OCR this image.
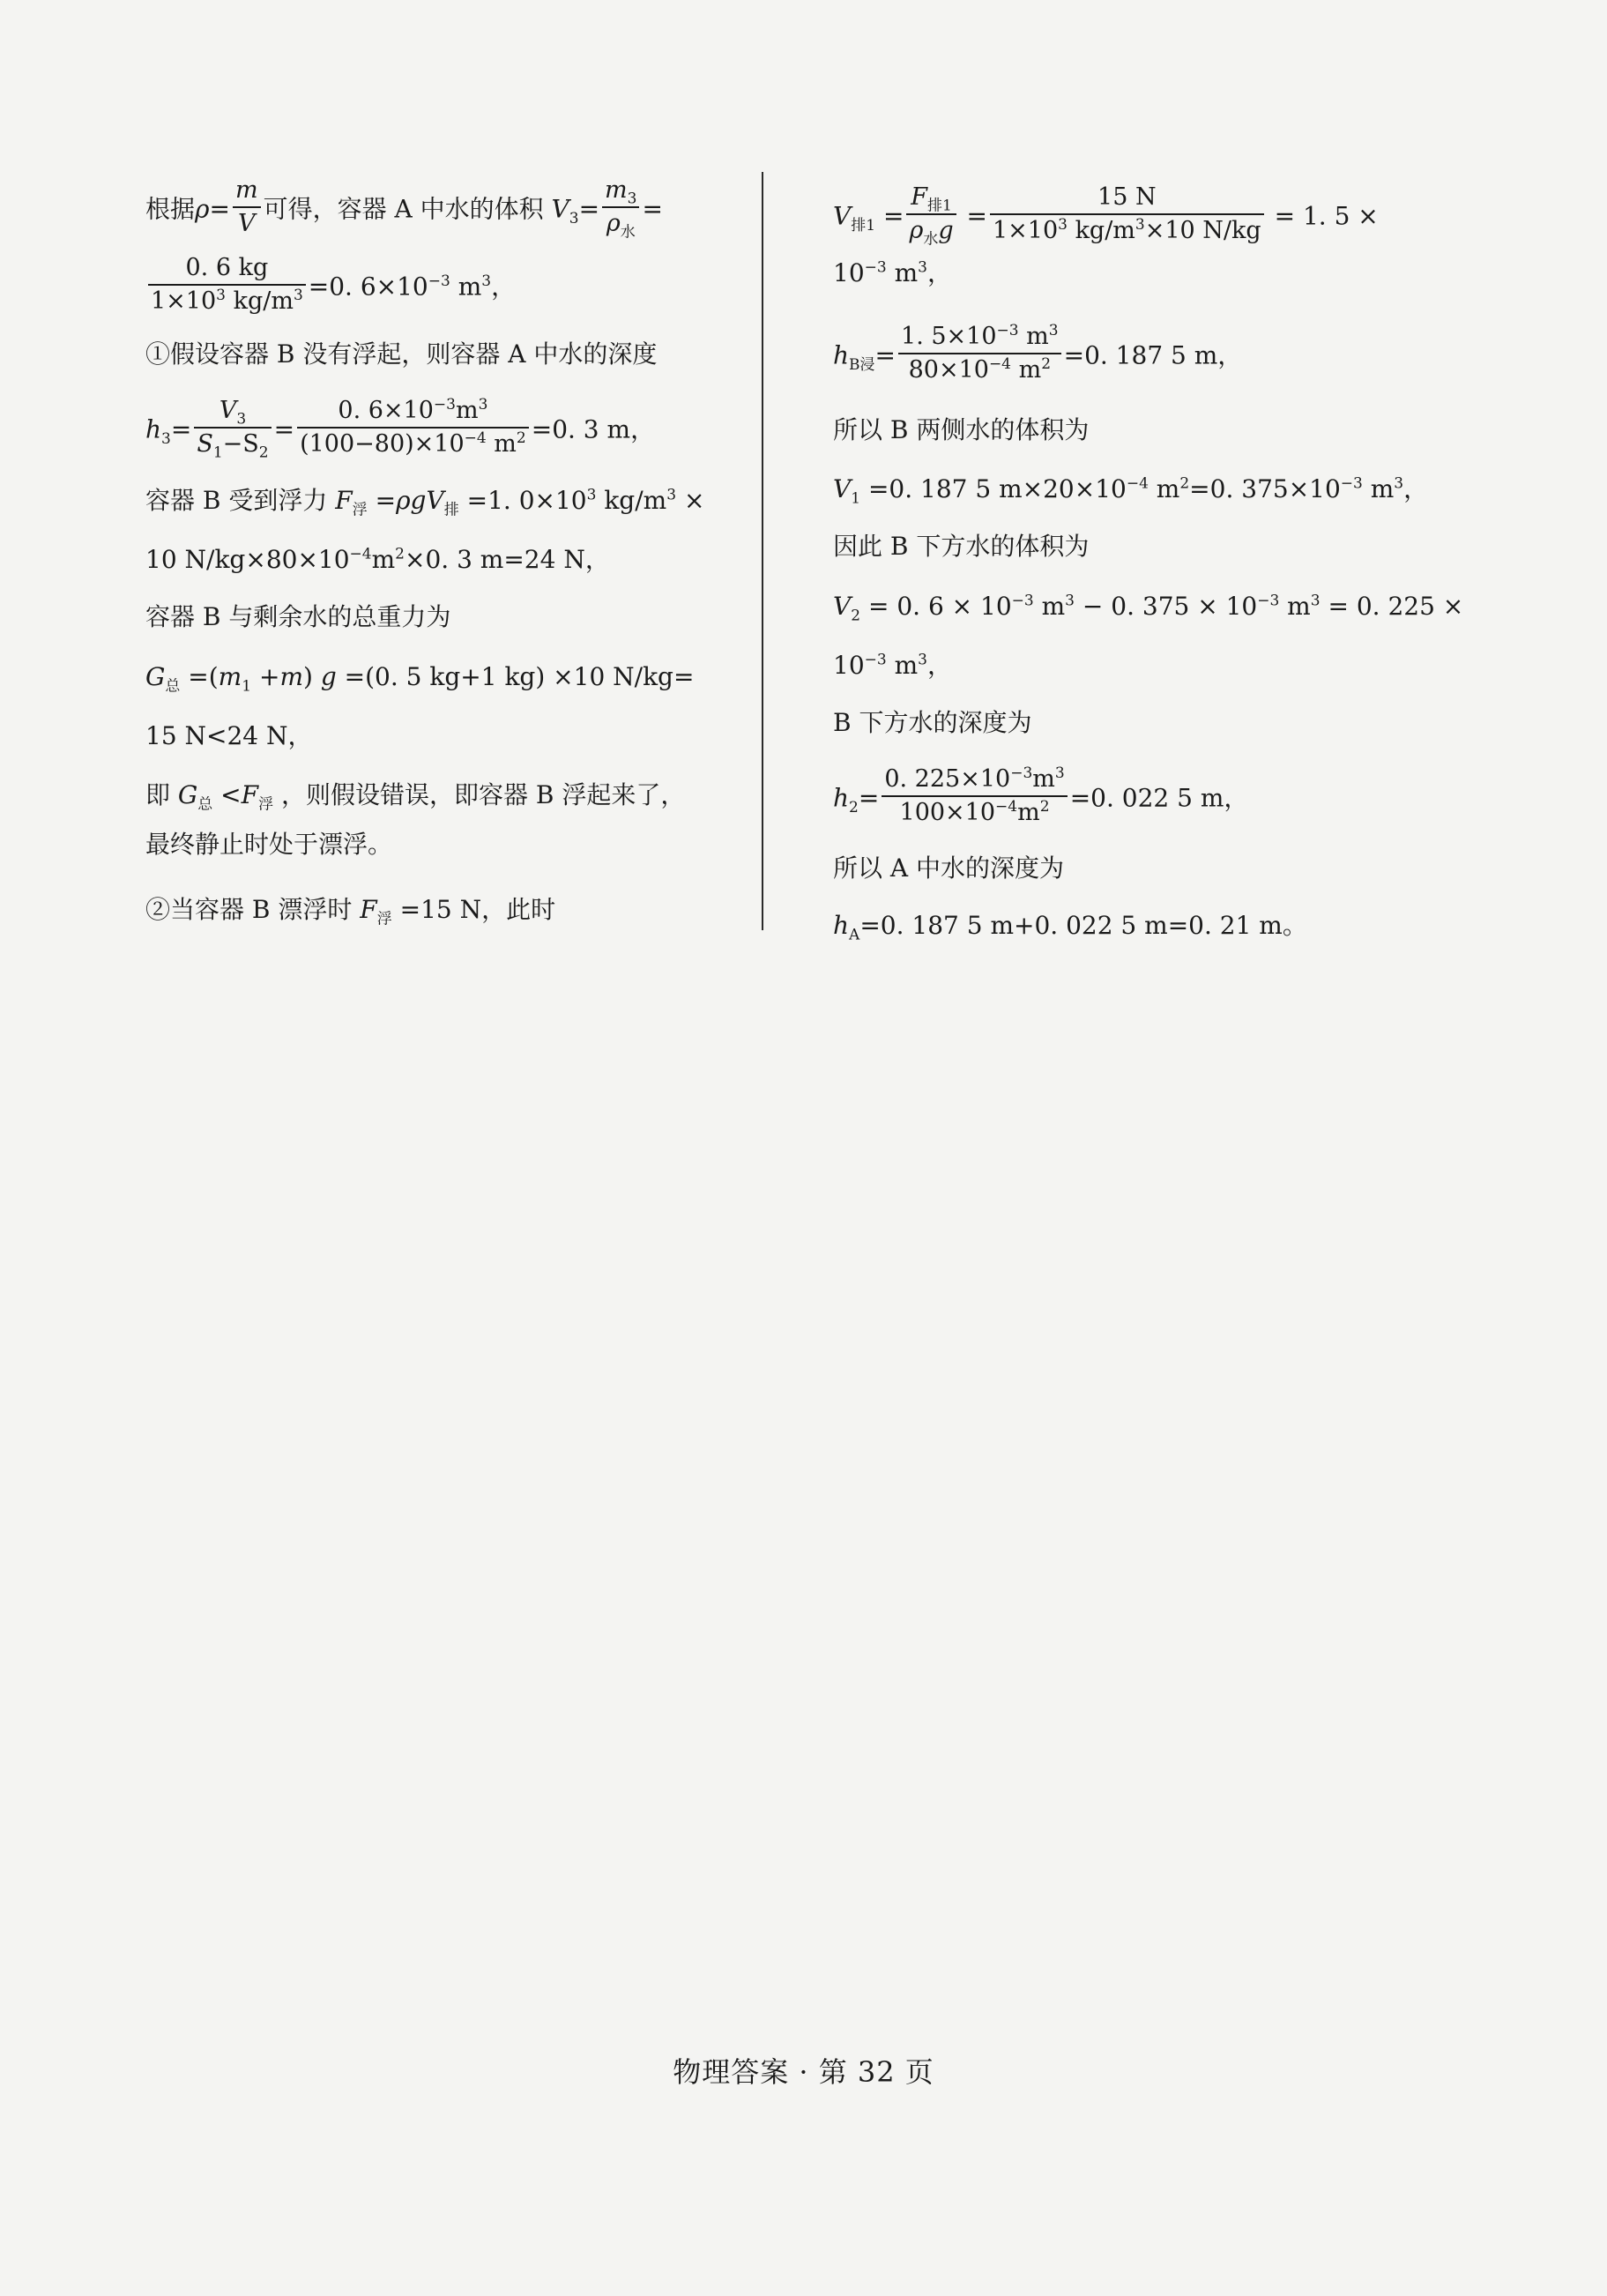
根据$\rho= \frac{m}{V}$ 可得，容器 A 中水的体积 $V_3= \frac{m_3}{\rho_水}$ =
$\frac{0. 6 kg}{1\times 10^3 kg/m^3} =0$. $6\times 10^{-3}$ $m^3$，
①假设容器 B 没有浮起，则容器 A 中水的深度
$h_3= \frac{V_3}{S_1-S_2} = \frac{0. 6\times 10^{-3}m^3}{(100-80)\times 10^{-4} m^2} =0$. 3 m，
容器 B 受到浮力 $F_浮 =\rho gV_排 =1$. $0\times 10^3$ $kg/m^3$ ×
10 $N/kg\times 80\times 10^{-4}m^2\times 0$. 3 m=24 N，
容器 B 与剩余水的总重力为
$G_总 =(m_1 +m)$ g =(0. 5 kg+1 kg) ×10 N/kg=
15 N<24 N，
即 $G_总 <F_浮$ ，则假设错误，即容器 B 浮起来了，
最终静止时处于漂浮。
②当容器 B 漂浮时 $F_浮 =15$ N，此时
$V_{排1} = \frac{F_{排1}}{\rho_水g} = \frac{15 N}{1\times 10^3 kg/m^3\times 10 N/kg} = 1$. 5 ×
$10^{-3}$ $m^3$，
$h_{B浸}= \frac{1. 5\times 10^{-3} m^3}{80\times 10^{-4} m^2} =0$. 187 5 m，
所以 B 两侧水的体积为
$V_1 =0$. 187 5 $m\times 20\times 10^{-4}$ $m^2=0$. $375\times 10^{-3}$ $m^3$，
因此 B 下方水的体积为
$V_2 = 0$. $6 \times 10^{-3}$ $m^3 - 0$. $375 \times 10^{-3}$ $m^3 = 0$. 225 ×
$10^{-3}$ $m^3$，
B 下方水的深度为
$h_2= \frac{0. 225\times 10^{-3}m^3}{100\times 10^{-4}m^2} =0$. 022 5 m，
所以 A 中水的深度为
$h_A=0$. 187 5 m+0. 022 5 m=0. 21 m。
物理答案 · 第 32 页
